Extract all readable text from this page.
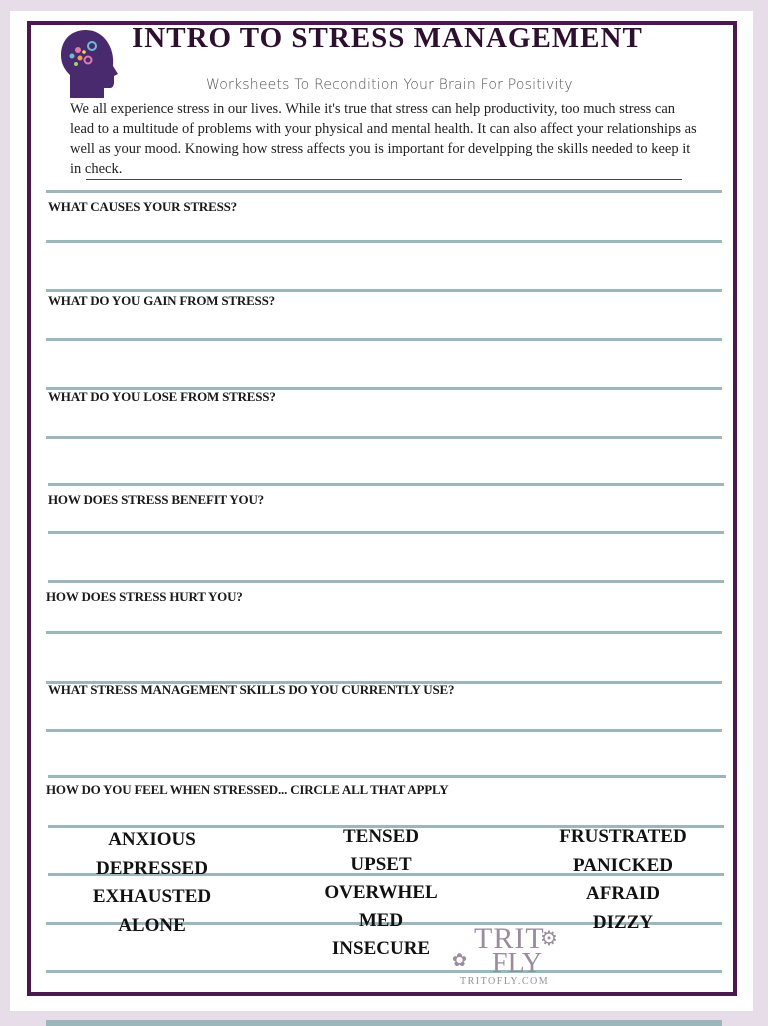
INTRO TO STRESS MANAGEMENT
Worksheets To Recondition Your Brain For Positivity
We all experience stress in our lives. While it's true that stress can help productivity, too much stress can lead to a multitude of problems with your physical and mental health. It can also affect your relationships as well as your mood. Knowing how stress affects you is important for develpping the skills needed to keep it in check.
WHAT CAUSES YOUR STRESS?
WHAT DO YOU GAIN FROM STRESS?
WHAT DO YOU LOSE FROM STRESS?
HOW DOES STRESS BENEFIT YOU?
HOW DOES STRESS HURT YOU?
WHAT STRESS MANAGEMENT SKILLS DO YOU CURRENTLY USE?
HOW DO YOU FEEL WHEN STRESSED... CIRCLE ALL THAT APPLY
ANXIOUS
DEPRESSED
EXHAUSTED
ALONE
TENSED
UPSET
OVERWHEL
MED
INSECURE
FRUSTRATED
PANICKED
AFRAID
DIZZY
✿
TRIT
⚙
FLY
TRITOFLY.COM
